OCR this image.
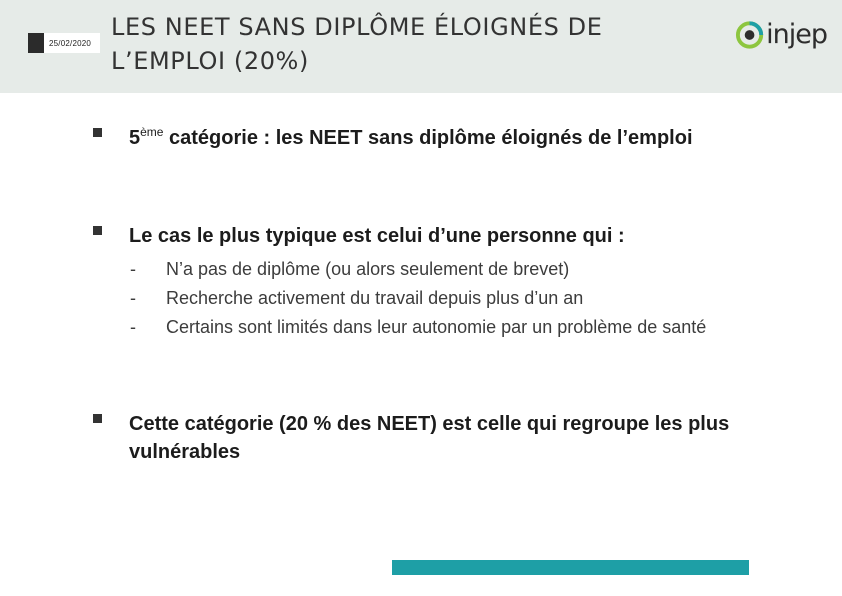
25/02/2020
LES NEET SANS DIPLÔME ÉLOIGNÉS DE L’EMPLOI (20%)
injep
5ème catégorie : les NEET sans diplôme éloignés de l’emploi
Le cas le plus typique est celui d’une personne qui :
-	N’a pas de diplôme (ou alors seulement de brevet)
-	Recherche activement du travail depuis plus d’un an
-	Certains sont limités dans leur autonomie par un problème de santé
Cette catégorie (20 % des NEET) est celle qui regroupe les plus vulnérables
